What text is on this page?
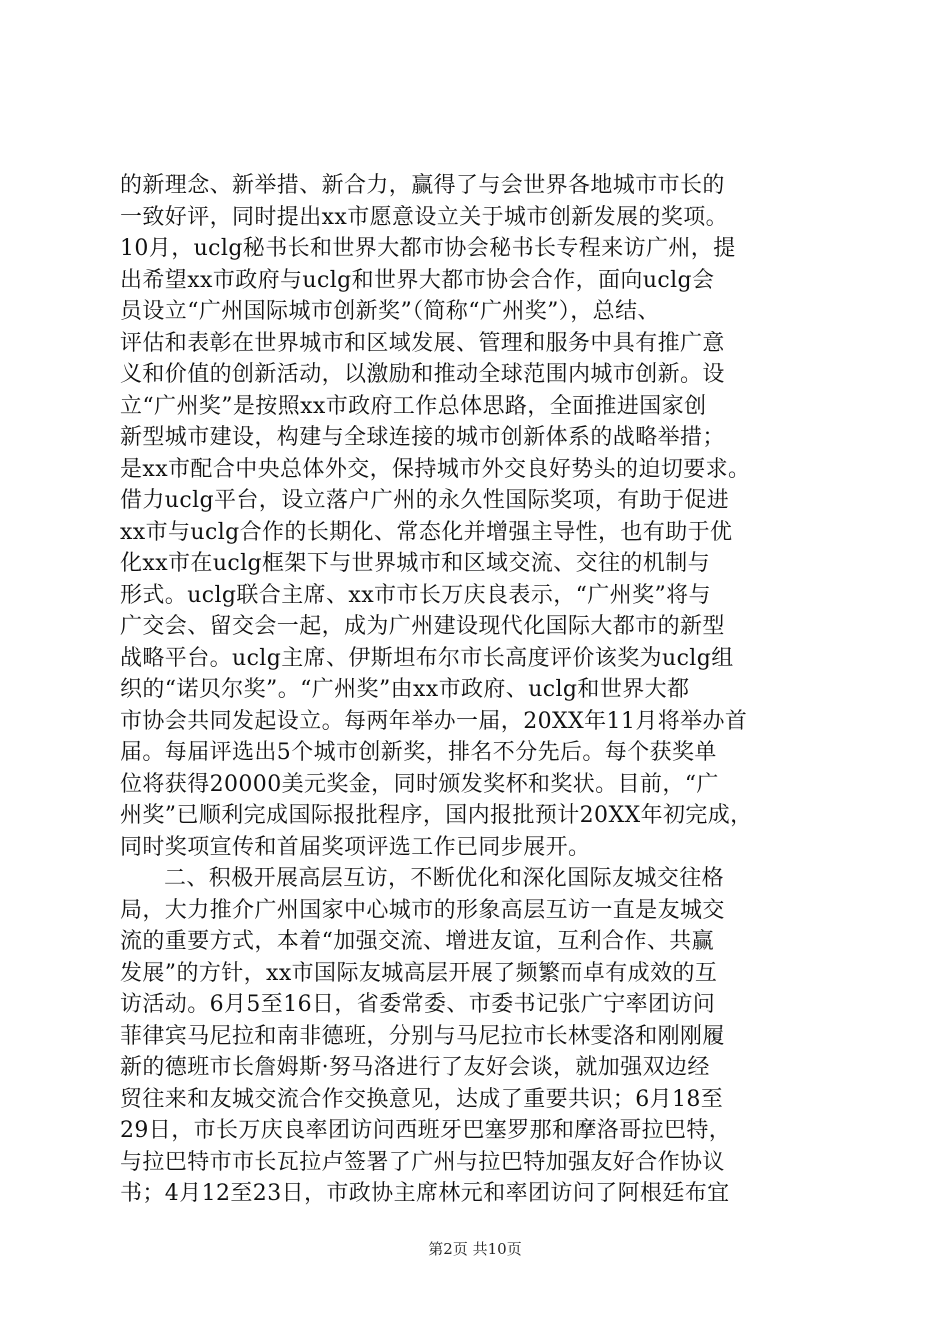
的新理念、新举措、新合力，赢得了与会世界各地城市市长的
一致好评，同时提出xx市愿意设立关于城市创新发展的奖项。
10月，uclg秘书长和世界大都市协会秘书长专程来访广州，提
出希望xx市政府与uclg和世界大都市协会合作，面向uclg会
员设立“广州国际城市创新奖”（简称“广州奖”），总结、
评估和表彰在世界城市和区域发展、管理和服务中具有推广意
义和价值的创新活动，以激励和推动全球范围内城市创新。设
立“广州奖”是按照xx市政府工作总体思路，全面推进国家创
新型城市建设，构建与全球连接的城市创新体系的战略举措；
是xx市配合中央总体外交，保持城市外交良好势头的迫切要求。
借力uclg平台，设立落户广州的永久性国际奖项，有助于促进
xx市与uclg合作的长期化、常态化并增强主导性，也有助于优
化xx市在uclg框架下与世界城市和区域交流、交往的机制与
形式。uclg联合主席、xx市市长万庆良表示，“广州奖”将与
广交会、留交会一起，成为广州建设现代化国际大都市的新型
战略平台。uclg主席、伊斯坦布尔市长高度评价该奖为uclg组
织的“诺贝尔奖”。“广州奖”由xx市政府、uclg和世界大都
市协会共同发起设立。每两年举办一届，20XX年11月将举办首
届。每届评选出5个城市创新奖，排名不分先后。每个获奖单
位将获得20000美元奖金，同时颁发奖杯和奖状。目前，“广
州奖”已顺利完成国际报批程序，国内报批预计20XX年初完成，
同时奖项宣传和首届奖项评选工作已同步展开。
二、积极开展高层互访，不断优化和深化国际友城交往格
局，大力推介广州国家中心城市的形象高层互访一直是友城交
流的重要方式，本着“加强交流、增进友谊，互利合作、共赢
发展”的方针，xx市国际友城高层开展了频繁而卓有成效的互
访活动。6月5至16日，省委常委、市委书记张广宁率团访问
菲律宾马尼拉和南非德班，分别与马尼拉市长林雯洛和刚刚履
新的德班市长詹姆斯·努马洛进行了友好会谈，就加强双边经
贸往来和友城交流合作交换意见，达成了重要共识；6月18至
29日，市长万庆良率团访问西班牙巴塞罗那和摩洛哥拉巴特，
与拉巴特市市长瓦拉卢签署了广州与拉巴特加强友好合作协议
书；4月12至23日，市政协主席林元和率团访问了阿根廷布宜
第2页 共10页
